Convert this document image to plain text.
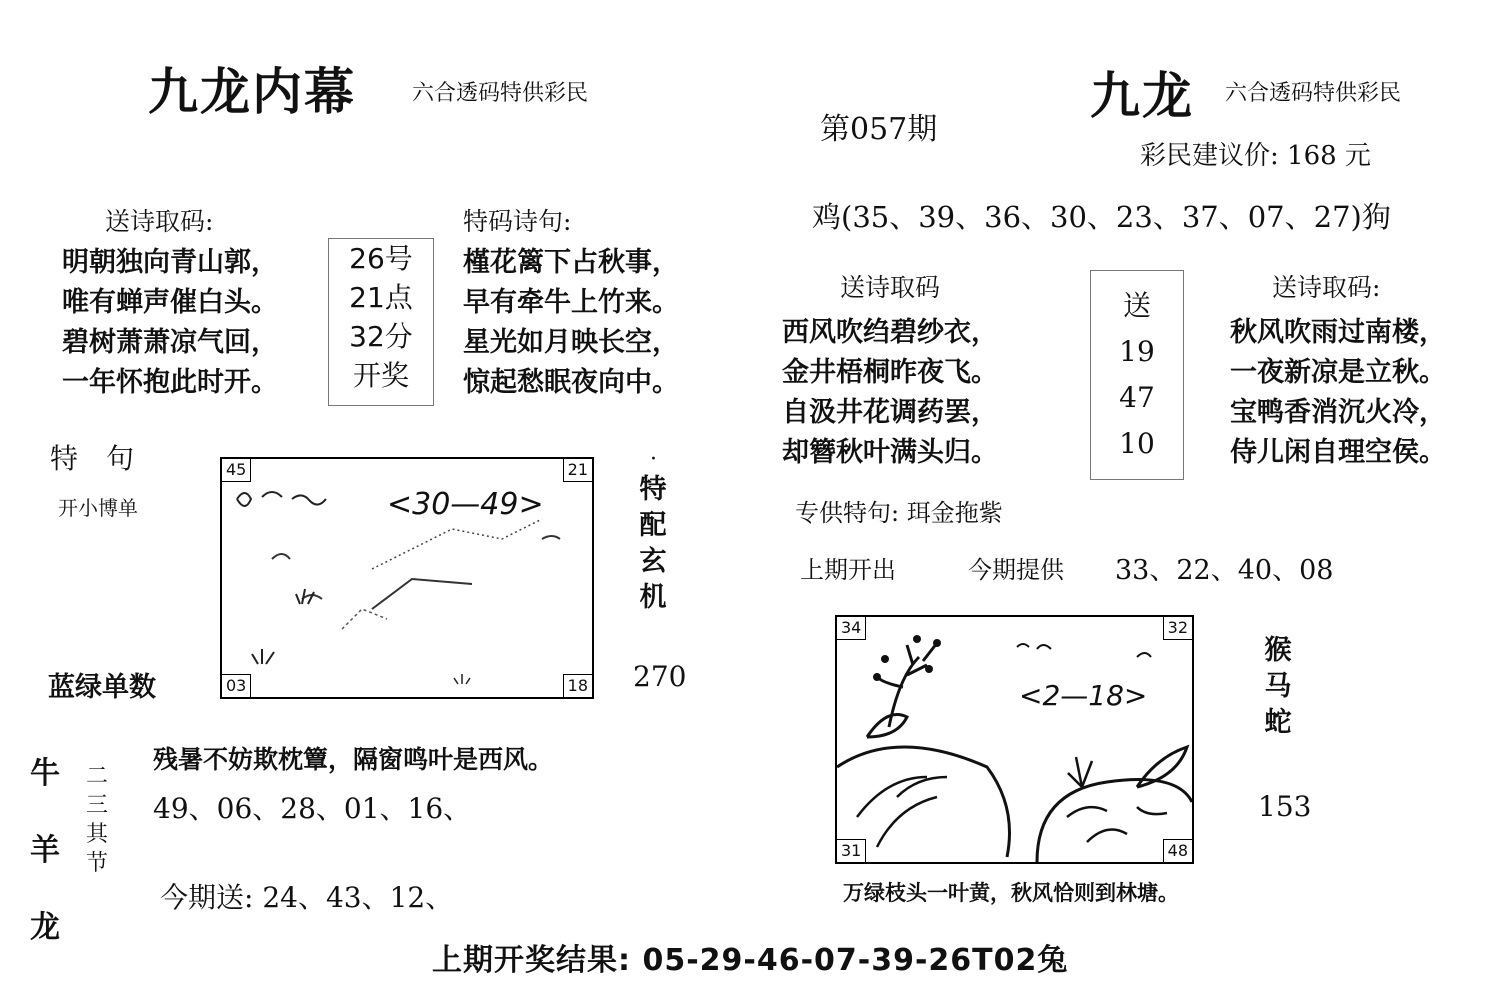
九龙内幕	六合透码特供彩民
送诗取码:
明朝独向青山郭，
唯有蝉声催白头。
碧树萧萧凉气回，
一年怀抱此时开。
26号
21点
32分
开奖
特码诗句:
槿花篱下占秋事，
早有牵牛上竹来。
星光如月映长空，
惊起愁眠夜向中。
特　句
开小博单
蓝绿单数
45	21
03	18
<30—49>
·
特
配
玄
机
270
牛
羊
龙
二
三
其
节
残暑不妨欺枕簟，隔窗鸣叶是西风。
49、06、28、01、16、
今期送: 24、43、12、
第057期
九龙 六合透码特供彩民
彩民建议价: 168 元
鸡(35、39、36、30、23、37、07、27)狗
送诗取码
西风吹绉碧纱衣，
金井梧桐昨夜飞。
自汲井花调药罢，
却簪秋叶满头归。
送
19
47
10
送诗取码:
秋风吹雨过南楼，
一夜新凉是立秋。
宝鸭香消沉火冷，
侍儿闲自理空侯。
专供特句: 珥金拖紫
上期开出	今期提供 33、22、40、08
34	32
31	48
<2—18>
猴
马
蛇
153
万绿枝头一叶黄，秋风恰则到林塘。
上期开奖结果: 05-29-46-07-39-26T02兔
